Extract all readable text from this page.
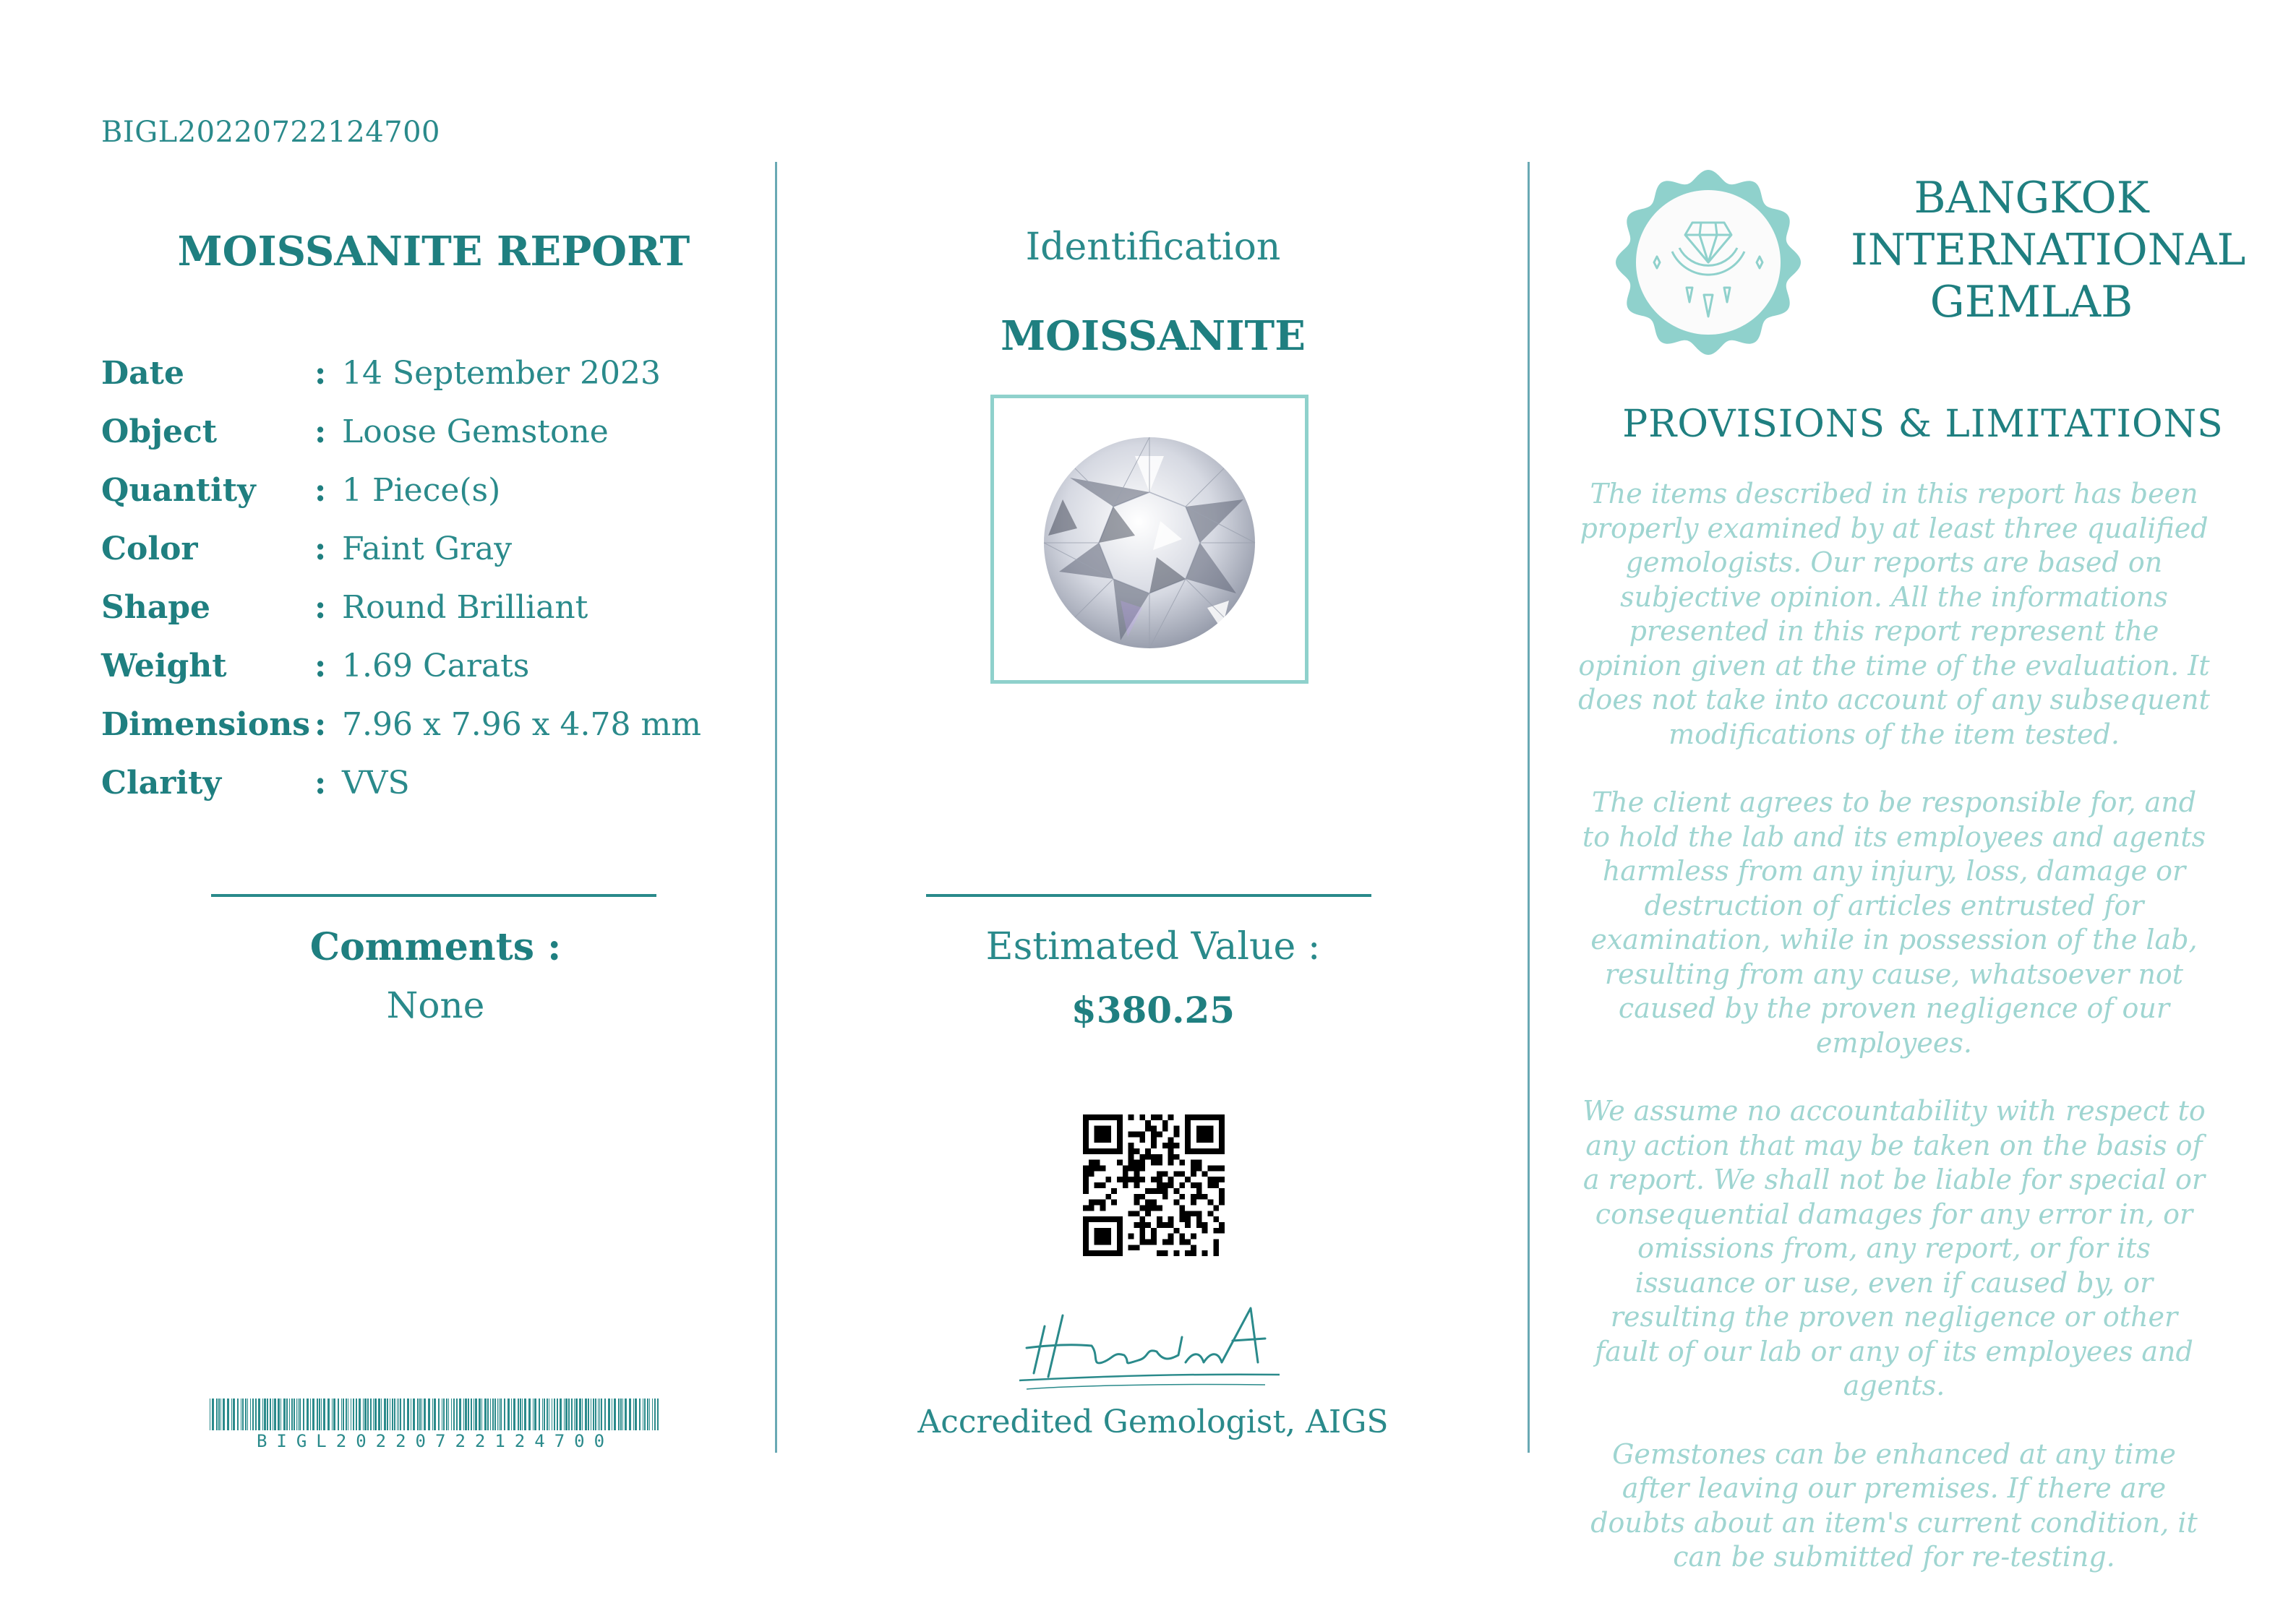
BIGL20220722124700
MOISSANITE REPORT
Date	: 14 September 2023
Object	: Loose Gemstone
Quantity	: 1 Piece(s)
Color	: Faint Gray
Shape	: Round Brilliant
Weight	: 1.69 Carats
Dimensions : 7.96 x 7.96 x 4.78 mm
Clarity	: VVS
Comments :
None
BIGL20220722124700
Identification
MOISSANITE
Estimated Value :
$380.25
Accredited Gemologist, AIGS
BANGKOK
INTERNATIONAL
GEMLAB
PROVISIONS & LIMITATIONS

The items described in this report has been properly examined by at least three qualified gemologists. Our reports are based on subjective opinion. All the informations presented in this report represent the opinion given at the time of the evaluation. It does not take into account of any subsequent modifications of the item tested.

The client agrees to be responsible for, and to hold the lab and its employees and agents harmless from any injury, loss, damage or destruction of articles entrusted for examination, while in possession of the lab, resulting from any cause, whatsoever not caused by the proven negligence of our employees.

We assume no accountability with respect to any action that may be taken on the basis of a report. We shall not be liable for special or consequential damages for any error in, or omissions from, any report, or for its issuance or use, even if caused by, or resulting the proven negligence or other fault of our lab or any of its employees and agents.

Gemstones can be enhanced at any time after leaving our premises. If there are doubts about an item's current condition, it can be submitted for re-testing.
